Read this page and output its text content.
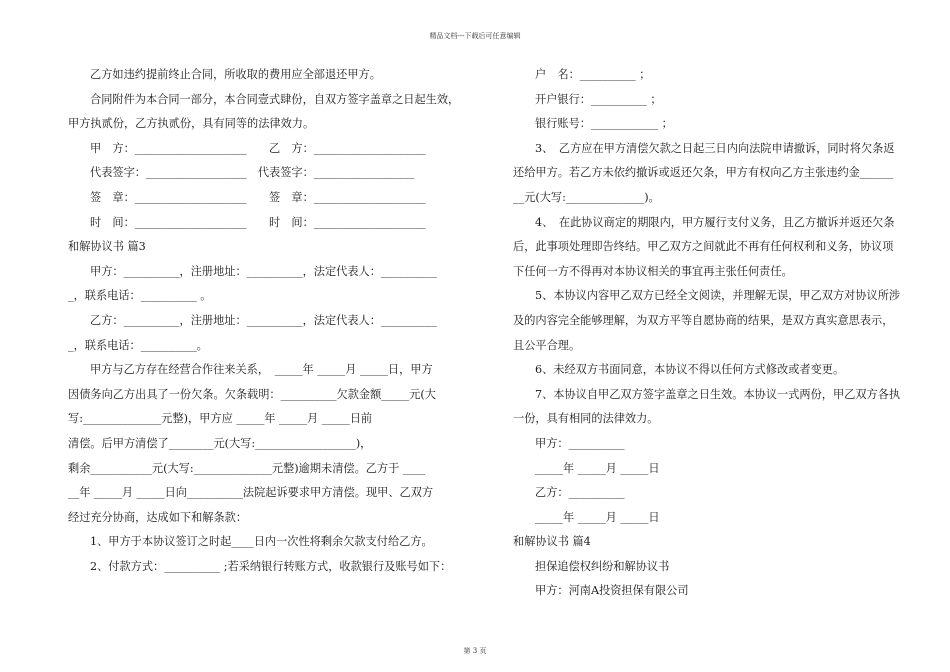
精品文档---下载后可任意编辑

乙方如违约提前终止合同，所收取的费用应全部退还甲方。

合同附件为本合同一部分，本合同壹式肆份，自双方签字盖章之日起生效，

甲方执贰份，乙方执贰份，具有同等的法律效力。

甲　方：____________________　　乙　方：____________________

代表签字：__________________　代表签字：__________________

签　章：____________________　　签　章：____________________

时　间：____________________　　时　间：____________________

和解协议书 篇3

甲方：__________，注册地址：__________，法定代表人：__________

_，联系电话：__________ 。

乙方：__________，注册地址：__________，法定代表人：__________

_，联系电话：__________。

甲方与乙方存在经营合作往来关系，　_____年 _____月 _____日，甲方

因债务向乙方出具了一份欠条。欠条载明：__________欠款金额_____元(大

写:______________元整)，甲方应 _____年 _____月 _____日前

清偿。后甲方清偿了________元(大写:__________________)，

剩余___________元(大写:______________元整)逾期未清偿。乙方于 ____

__年 _____月 _____日向__________法院起诉要求甲方清偿。现甲、乙双方

经过充分协商，达成如下和解条款：

1、甲方于本协议签订之时起____日内一次性将剩余欠款支付给乙方。

2、付款方式：__________ ;若采纳银行转账方式，收款银行及账号如下：

户　名：__________ ；

开户银行：__________ ；

银行账号：____________ ；

3、　乙方应在甲方清偿欠款之日起三日内向法院申请撤诉，同时将欠条返

还给甲方。若乙方未依约撤诉或返还欠条，甲方有权向乙方主张违约金______

__元(大写:______________)。

4、　在此协议商定的期限内，甲方履行支付义务，且乙方撤诉并返还欠条

后，此事项处理即告终结。甲乙双方之间就此不再有任何权利和义务，协议项

下任何一方不得再对本协议相关的事宜再主张任何责任。

5、本协议内容甲乙双方已经全文阅读，并理解无误，甲乙双方对协议所涉

及的内容完全能够理解，为双方平等自愿协商的结果，是双方真实意思表示，

且公平合理。

6、未经双方书面同意，本协议不得以任何方式修改或者变更。

7、本协议自甲乙双方签字盖章之日生效。本协议一式两份，甲乙双方各执

一份，具有相同的法律效力。

甲方：__________

_____年 _____月 _____日

乙方：__________

_____年 _____月 _____日

和解协议书 篇4

担保追偿权纠纷和解协议书

甲方：河南A投资担保有限公司

第 3 页
